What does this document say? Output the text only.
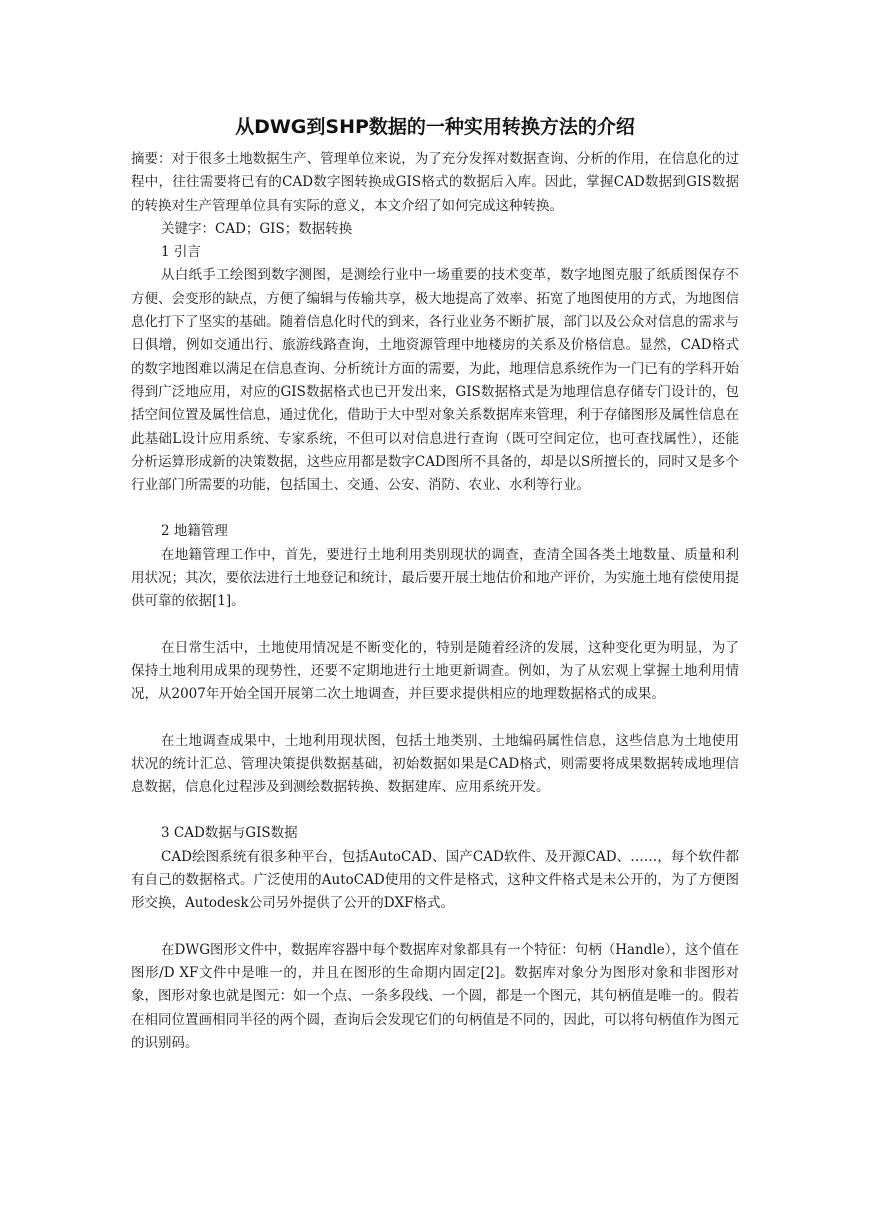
从DWG到SHP数据的一种实用转换方法的介绍

摘要：对于很多土地数据生产、管理单位来说，为了充分发挥对数据查询、分析的作用，在信息化的过程中，往往需要将已有的CAD数字图转换成GIS格式的数据后入库。因此，掌握CAD数据到GIS数据的转换对生产管理单位具有实际的意义，本文介绍了如何完成这种转换。

关键字：CAD；GIS；数据转换

1 引言

从白纸手工绘图到数字测图，是测绘行业中一场重要的技术变革，数字地图克服了纸质图保存不方便、会变形的缺点，方便了编辑与传输共享，极大地提高了效率、拓宽了地图使用的方式，为地图信息化打下了坚实的基础。随着信息化时代的到来，各行业业务不断扩展，部门以及公众对信息的需求与日俱增，例如交通出行、旅游线路查询，土地资源管理中地楼房的关系及价格信息。显然，CAD格式的数字地图难以满足在信息查询、分析统计方面的需要，为此，地理信息系统作为一门已有的学科开始得到广泛地应用，对应的GIS数据格式也已开发出来，GIS数据格式是为地理信息存储专门设计的，包括空间位置及属性信息，通过优化，借助于大中型对象关系数据库来管理，利于存储图形及属性信息在此基础L设计应用系统、专家系统，不但可以对信息进行查询（既可空间定位，也可查找属性），还能分析运算形成新的决策数据，这些应用都是数字CAD图所不具备的，却是以S所擅长的，同时又是多个行业部门所需要的功能，包括国土、交通、公安、消防、农业、水利等行业。

2 地籍管理

在地籍管理工作中，首先，要进行土地利用类别现状的调查，查清全国各类土地数量、质量和利用状况；其次，要依法进行土地登记和统计，最后要开展土地估价和地产评价，为实施土地有偿使用提供可靠的依据[1]。

在日常生活中，土地使用情况是不断变化的，特别是随着经济的发展，这种变化更为明显，为了保持土地利用成果的现势性，还要不定期地进行土地更新调查。例如，为了从宏观上掌握土地利用情况，从2007年开始全国开展第二次土地调查，并巨要求提供相应的地理数据格式的成果。

在土地调查成果中，土地利用现状图，包括土地类别、土地编码属性信息，这些信息为土地使用状况的统计汇总、管理决策提供数据基础，初始数据如果是CAD格式，则需要将成果数据转成地理信息数据，信息化过程涉及到测绘数据转换、数据建库、应用系统开发。

3 CAD数据与GIS数据

CAD绘图系统有很多种平台，包括AutoCAD、国产CAD软件、及开源CAD、……，每个软件都有自己的数据格式。广泛使用的AutoCAD使用的文件是格式，这种文件格式是未公开的，为了方便图形交换，Autodesk公司另外提供了公开的DXF格式。

在DWG图形文件中，数据库容器中每个数据库对象都具有一个特征：句柄（Handle），这个值在图形/D XF文件中是唯一的，并且在图形的生命期内固定[2]。数据库对象分为图形对象和非图形对象，图形对象也就是图元：如一个点、一条多段线、一个圆，都是一个图元，其句柄值是唯一的。假若在相同位置画相同半径的两个圆，查询后会发现它们的句柄值是不同的，因此，可以将句柄值作为图元的识别码。
